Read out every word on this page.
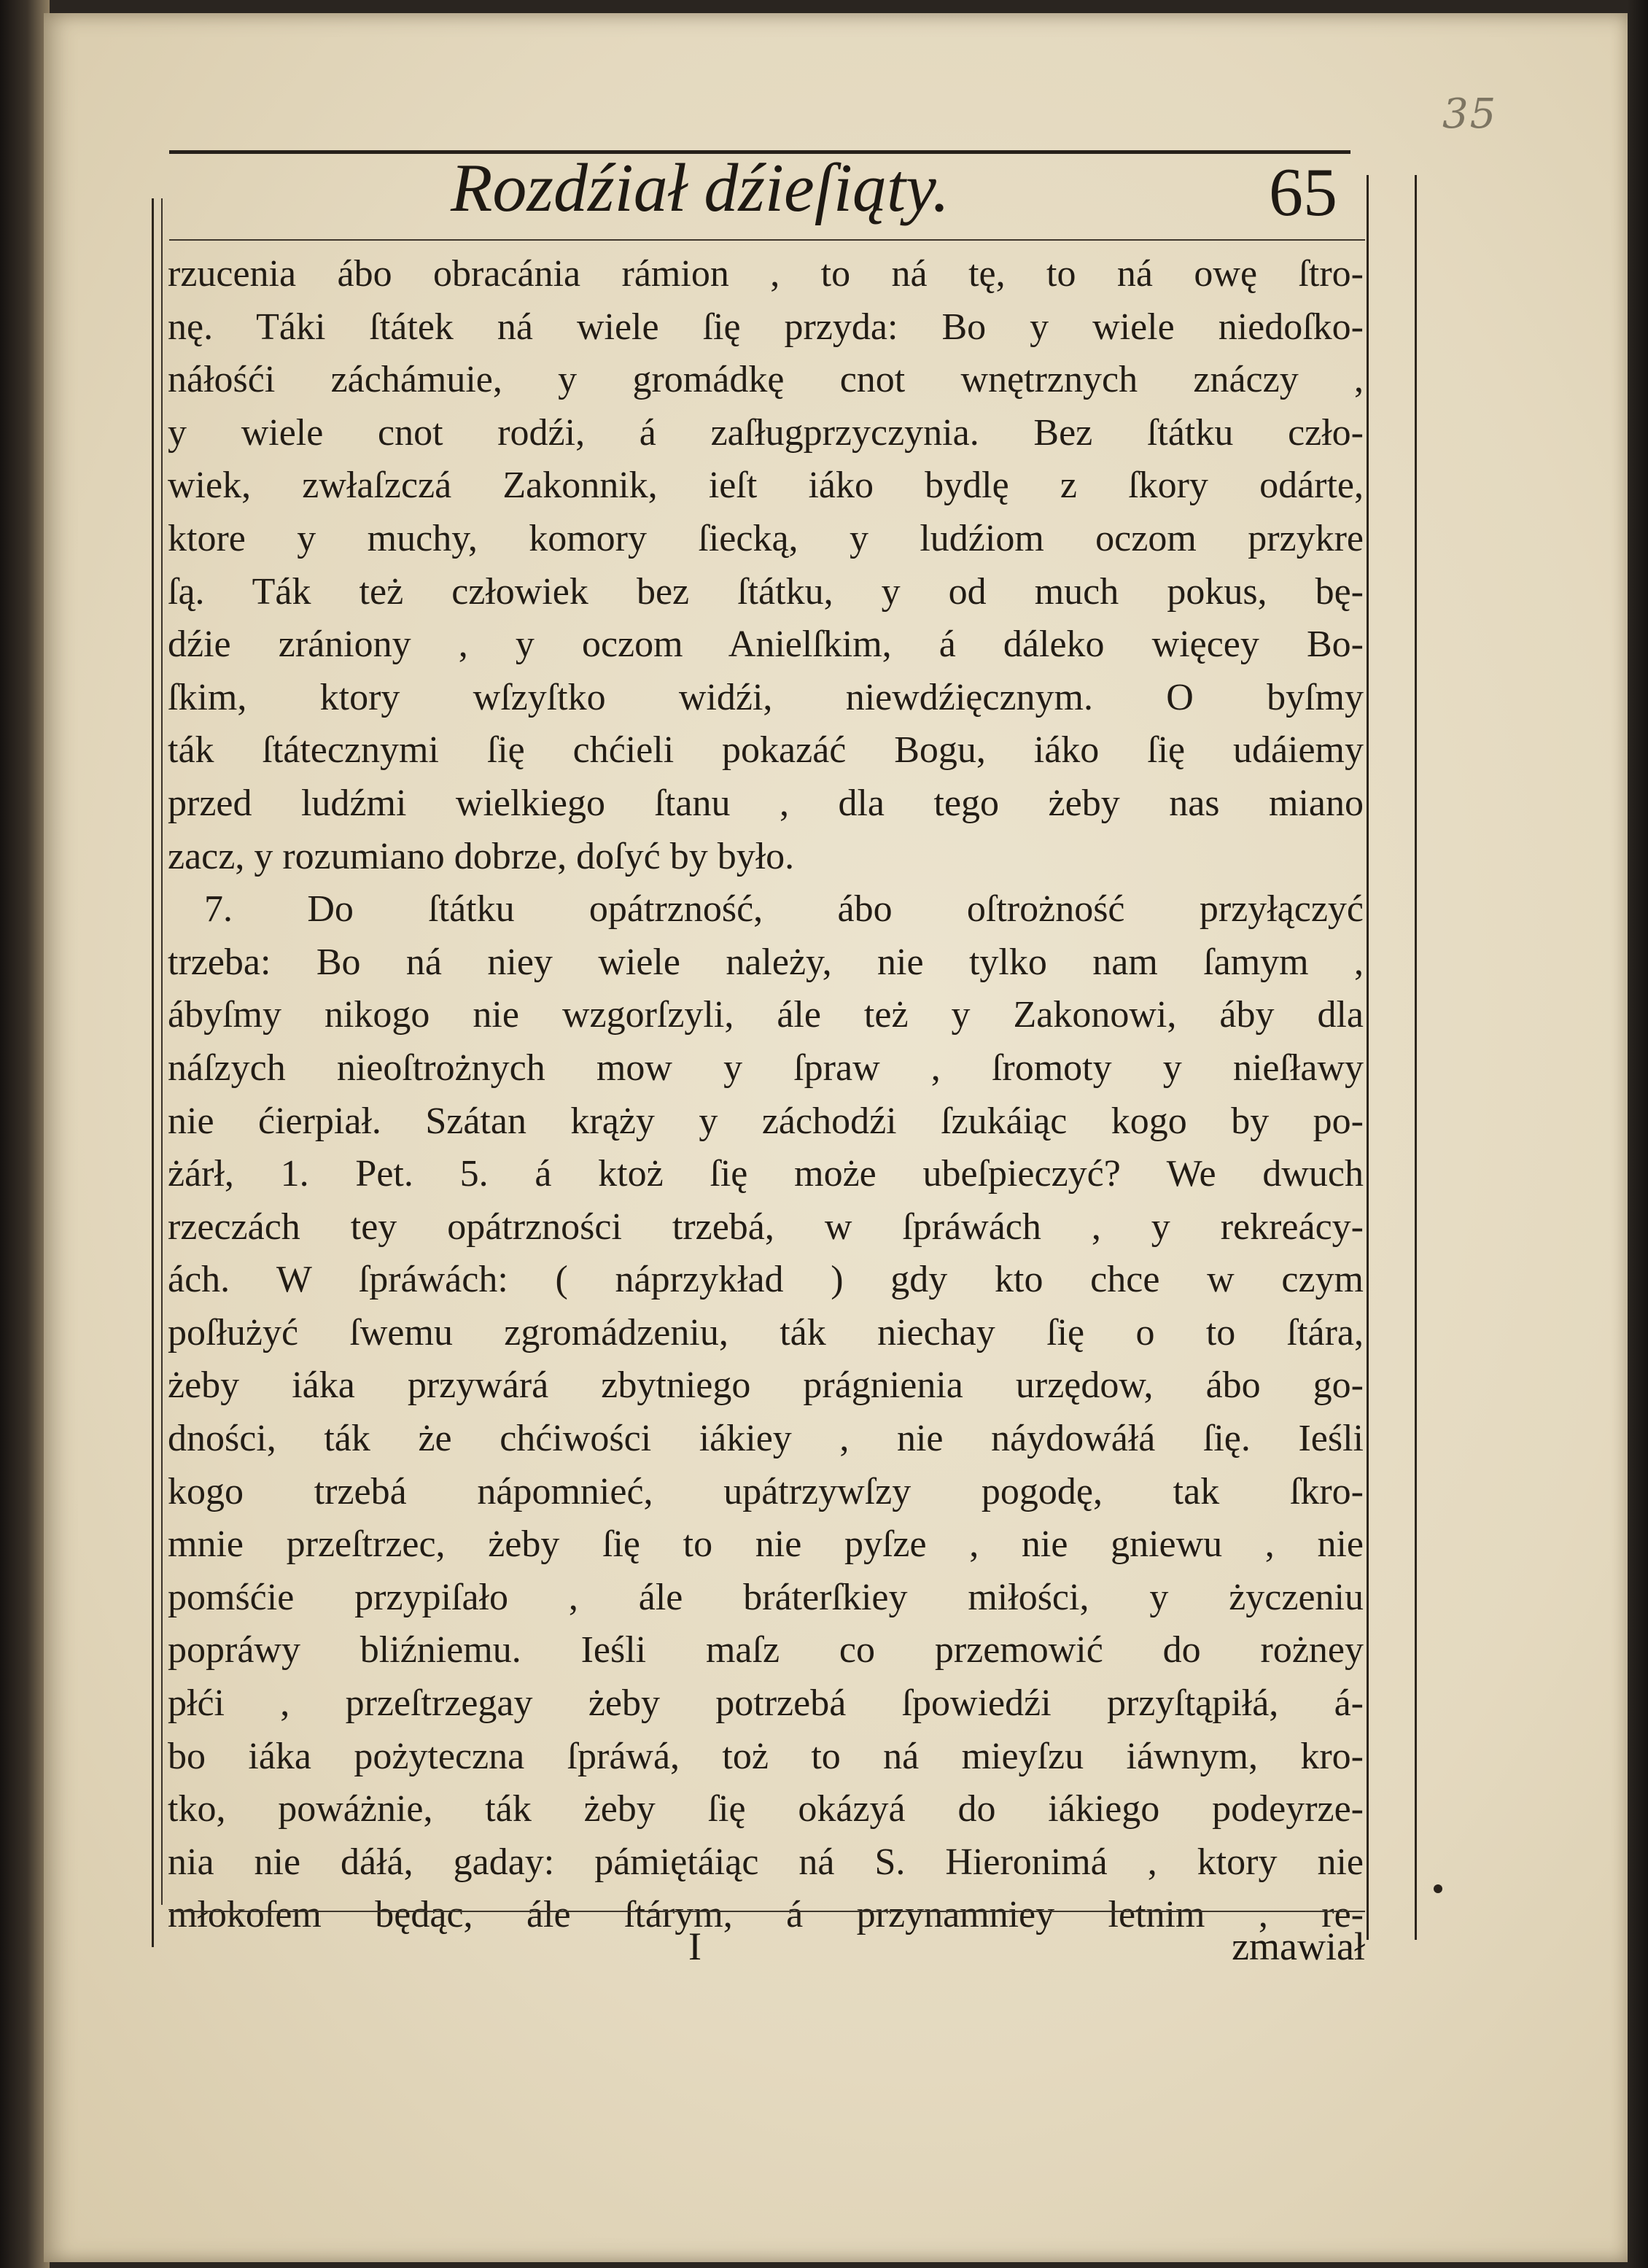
35
Rozdźiał dźieſiąty.	65
rzucenia ábo obracánia rámion , to ná tę, to ná owę ſtro-
nę. Táki ſtátek ná wiele ſię przyda: Bo y wiele niedoſko-
náłośći záchámuie, y gromádkę cnot wnętrznych znáczy ,
y wiele cnot rodźi, á zaſługprzyczynia. Bez ſtátku czło-
wiek, zwłaſzczá Zakonnik, ieſt iáko bydlę z ſkory odárte,
ktore y muchy, komory ſiecką, y ludźiom oczom przykre
ſą. Ták też człowiek bez ſtátku, y od much pokus, bę-
dźie zrániony , y oczom Anielſkim, á dáleko więcey Bo-
ſkim, ktory wſzyſtko widźi, niewdźięcznym. O byſmy
ták ſtátecznymi ſię chćieli pokazáć Bogu, iáko ſię udáiemy
przed ludźmi wielkiego ſtanu , dla tego żeby nas miano
zacz, y rozumiano dobrze, doſyć by było.
7. Do ſtátku opátrzność, ábo oſtrożność przyłączyć
trzeba: Bo ná niey wiele należy, nie tylko nam ſamym ,
ábyſmy nikogo nie wzgorſzyli, ále też y Zakonowi, áby dla
náſzych nieoſtrożnych mow y ſpraw , ſromoty y nieſławy
nie ćierpiał. Szátan krąży y záchodźi ſzukáiąc kogo by po-
żárł, 1. Pet. 5. á ktoż ſię może ubeſpieczyć? We dwuch
rzeczách tey opátrzności trzebá, w ſpráwách , y rekreácy-
ách. W ſpráwách: ( náprzykład ) gdy kto chce w czym
poſłużyć ſwemu zgromádzeniu, ták niechay ſię o to ſtára,
żeby iáka przywárá zbytniego prágnienia urzędow, ábo go-
dności, ták że chćiwości iákiey , nie náydowáłá ſię. Ieśli
kogo trzebá nápomnieć, upátrzywſzy pogodę, tak ſkro-
mnie przeſtrzec, żeby ſię to nie pyſze , nie gniewu , nie
pomśćie przypiſało , ále bráterſkiey miłości, y życzeniu
popráwy bliźniemu. Ieśli maſz co przemowić do rożney
płći , przeſtrzegay żeby potrzebá ſpowiedźi przyſtąpiłá, á-
bo iáka pożyteczna ſpráwá, toż to ná mieyſzu iáwnym, kro-
tko, powáżnie, ták żeby ſię okázyá do iákiego podeyrze-
nia nie dáłá, gaday: pámiętáiąc ná S. Hieronimá , ktory nie
młokoſem będąc, ále ſtárym, á przynamniey letnim , re-
I	zmawiał
